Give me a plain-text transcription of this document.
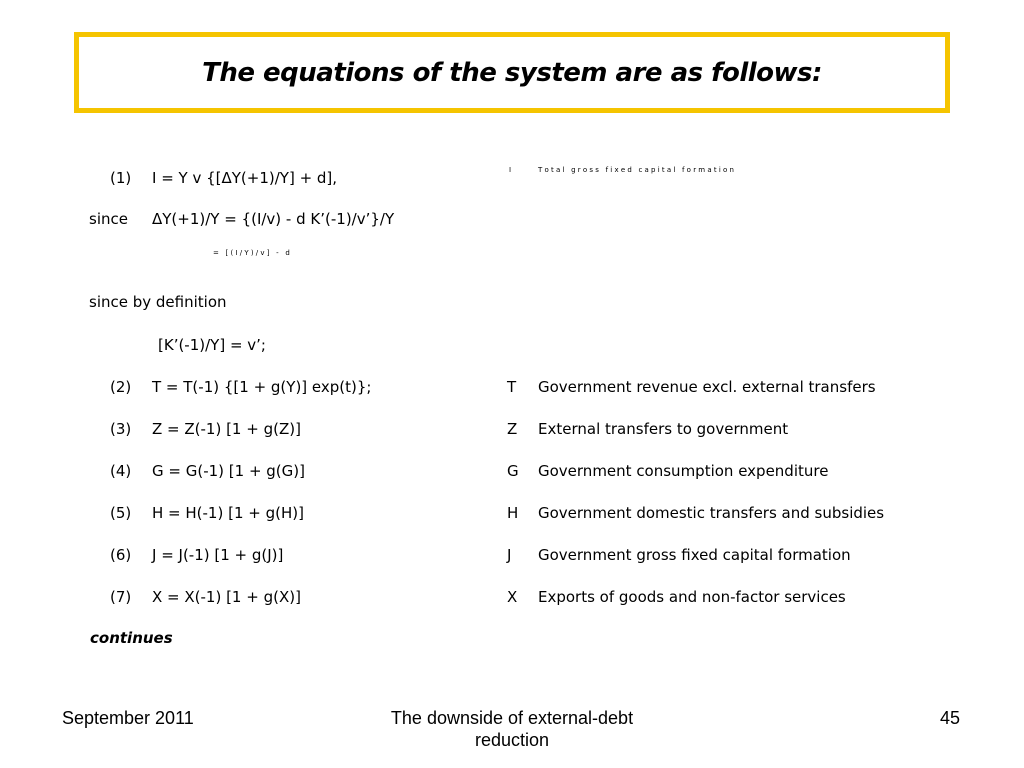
The equations of the system are as follows:
(1) I = Y v {[ΔY(+1)/Y] + d],	I	T o t a l   g r o s s   f i x e d   c a p i t a l   f o r m a t i o n
since ΔY(+1)/Y = {(I/v) - d K’(-1)/v’}/Y
=   [ ( I / Y ) / v ]   -   d
since by definition
[K’(-1)/Y] = v’;
(2) T = T(-1) {[1 + g(Y)] exp(t)};	T Government revenue excl. external transfers
(3) Z = Z(-1) [1 + g(Z)]	Z External transfers to government
(4) G = G(-1) [1 + g(G)]	G Government consumption expenditure
(5) H = H(-1) [1 + g(H)]	H Government domestic transfers and subsidies
(6) J = J(-1) [1 + g(J)]	J Government gross fixed capital formation
(7) X = X(-1) [1 + g(X)]	X Exports of goods and non-factor services
continues
September 2011	The downside of external-debt
reduction
45
